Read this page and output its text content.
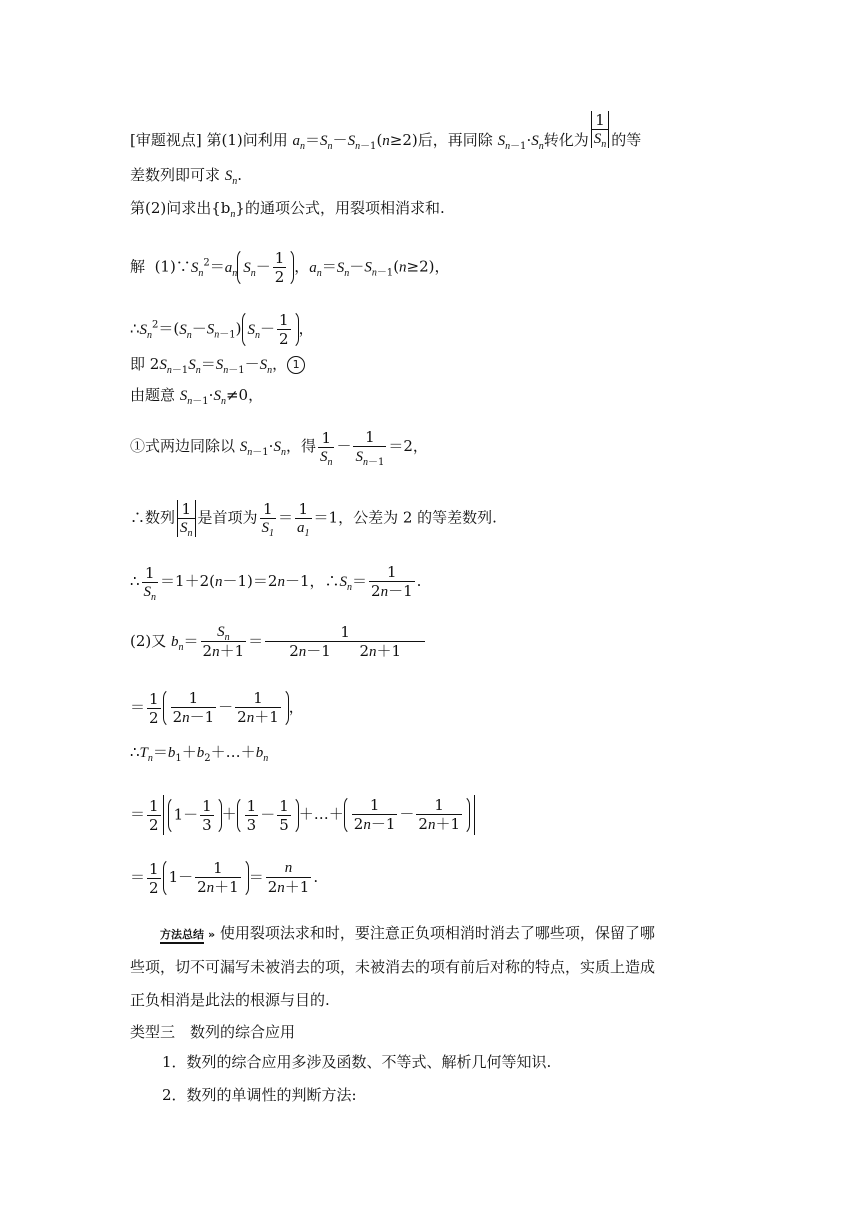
[审题视点] 第(1)问利用 $a_n=S_n-S_{n-1}(n\ge 2)$后，再同除 $S_{n-1}\cdot S_n$转化为 $\frac{1}{S_n}$ 的等
差数列即可求 $S_n$.
第(2)问求出$\{b_n\}$的通项公式，用裂项相消求和.
解 $(1)\because S_n^2=a_n$ $S_n- \frac{1}{2}$ ，$a_n=S_n-S_{n-1}(n\ge 2)$，
$\therefore S_n^2=(S_n-S_{n-1})$ $S_n- \frac{1}{2}$ ，
即 $2S_{n-1}S_n=S_{n-1}-S_n$， 1
由题意 $S_{n-1}\cdot S_n\ne 0$，
①式两边同除以 $S_{n-1}\cdot S_n$，得 $\frac{1}{S_n} - \frac{1}{S_{n-1}} =2$，
∴数列 $\frac{1}{S_n}$ 是首项为 $\frac{1}{S_1} = \frac{1}{a_1} =1$，公差为 2 的等差数列.
∴ $\frac{1}{S_n} =1+2(n-1)=2n-1$，$\therefore S_n= \frac{1}{2n-1}$ .
(2)又 $b_n= \frac{S_n}{2n+1} = \frac{1}{2n-1 2n+1}$
＝ $\frac{1}{2} \frac{1}{2n-1} - \frac{1}{2n+1}$ ，
$\therefore T_n=b_1+b_2+\dots+b_n$
＝ $\frac{1}{2} 1- \frac{1}{3} + \frac{1}{3} - \frac{1}{5}$ ＋…＋ $\frac{1}{2n-1} - \frac{1}{2n+1}$
＝ $\frac{1}{2} 1- \frac{1}{2n+1} = \frac{n}{2n+1}$ .
方法总结 » 使用裂项法求和时，要注意正负项相消时消去了哪些项，保留了哪
些项，切不可漏写未被消去的项，未被消去的项有前后对称的特点，实质上造成
正负相消是此法的根源与目的.
类型三　数列的综合应用
1．数列的综合应用多涉及函数、不等式、解析几何等知识.
2．数列的单调性的判断方法:
